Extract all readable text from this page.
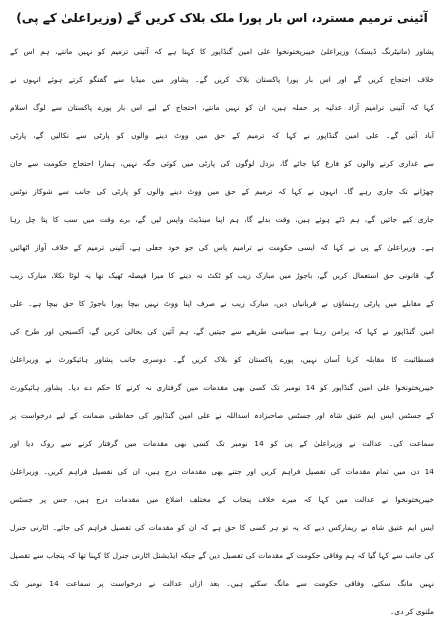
آئینی ترمیم مسترد، اس بار پورا ملک بلاک کریں گے (وزیراعلیٰ کے پی)
پشاور (مانیٹرنگ ڈیسک) وزیراعلیٰ خیبرپختونخوا علی امین گنڈاپور کا کہنا ہے کہ آئینی ترمیم کو نہیں مانتے، ہم اس کے
خلاف احتجاج کریں گے اور اس بار پورا پاکستان بلاک کریں گے۔ پشاور میں میڈیا سے گفتگو کرتے ہوئے انہوں نے
کہا کہ آئینی ترامیم آزاد عدلیہ پر حملہ ہیں، ان کو نہیں مانتے، احتجاج کے لیے اس بار پورے پاکستان سے لوگ اسلام
آباد آئیں گے۔ علی امین گنڈاپور نے کہا کہ ترمیم کے حق میں ووٹ دینے والوں کو پارٹی سے نکالیں گے، پارٹی
سے غداری کرنے والوں کو فارغ کیا جائے گا، بزدل لوگوں کی پارٹی میں کوئی جگہ نہیں، ہمارا احتجاج حکومت سے جان
چھڑانے تک جاری رہے گا۔ انہوں نے کہا کہ ترمیم کے حق میں ووٹ دینے والوں کو پارٹی کی جانب سے شوکاز نوٹس
جاری کیے جائیں گے، ہم ڈٹے ہوئے ہیں، وقت بدلے گا، ہم اپنا مینڈیٹ واپس لیں گے، برے وقت میں سب کا پتا چل رہا
ہے۔ وزیراعلیٰ کے پی نے کہا کہ ایسی حکومت نے ترامیم پاس کی جو خود جعلی ہے، آئینی ترمیم کے خلاف آواز اٹھائیں
گے، قانونی حق استعمال کریں گے، باجوڑ میں مبارک زیب کو ٹکٹ نہ دینے کا میرا فیصلہ ٹھیک تھا یہ لوٹا نکلا، مبارک زیب
کے مقابلے میں پارٹی رہنماؤں نے قربانیاں دیں، مبارک زیب نے صرف اپنا ووٹ نہیں بیچا پورا باجوڑ کا حق بیچا ہے۔ علی
امین گنڈاپور نے کہا کہ پرامن رہنا ہے سیاسی طریقے سے جیتیں گے، ہم آئین کی بحالی کریں گے، آکسیجن اور طرح کی
فسطائیت کا مقابلہ کرنا آسان نہیں، پورے پاکستان کو بلاک کریں گے۔ دوسری جانب پشاور ہائیکورٹ نے وزیراعلیٰ
خیبرپختونخوا علی امین گنڈاپور کو 14 نومبر تک کسی بھی مقدمات میں گرفتاری نہ کرنے کا حکم دے دیا۔ پشاور ہائیکورٹ
کے جسٹس ایس ایم عتیق شاہ اور جسٹس صاحبزادہ اسداللہ نے علی امین گنڈاپور کی حفاظتی ضمانت کے لیے درخواست پر
سماعت کی۔ عدالت نے وزیراعلیٰ کے پی کو 14 نومبر تک کسی بھی مقدمات میں گرفتار کرنے سے روک دیا اور
14 دن میں تمام مقدمات کی تفصیل فراہم کریں اور جتنے بھی مقدمات درج ہیں، ان کی تفصیل فراہم کریں۔ وزیراعلیٰ
خیبرپختونخوا نے عدالت میں کہا کہ میرے خلاف پنجاب کے مختلف اضلاع میں مقدمات درج ہیں، جس پر جسٹس
ایس ایم عتیق شاہ نے ریمارکس دیے کہ یہ تو ہر کسی کا حق ہے کہ ان کو مقدمات کی تفصیل فراہم کی جائے۔ اٹارنی جنرل
کی جانب سے کہا گیا کہ ہم وفاقی حکومت کے مقدمات کی تفصیل دیں گے جبکہ ایڈیشنل اٹارنی جنرل کا کہنا تھا کہ پنجاب سے تفصیل
نہیں مانگ سکتے، وفاقی حکومت سے مانگ سکتے ہیں۔ بعد ازاں عدالت نے درخواست پر سماعت 14 نومبر تک
ملتوی کر دی۔
